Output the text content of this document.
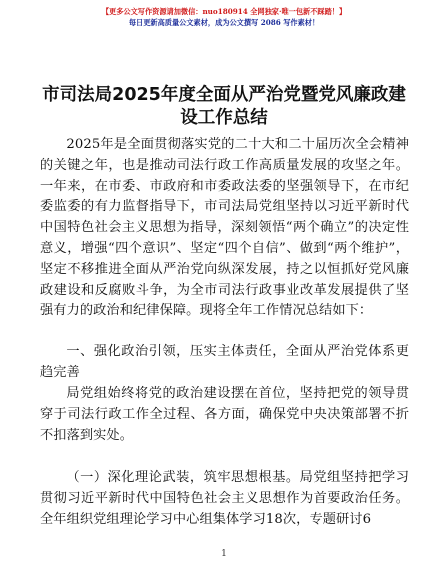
【更多公文写作资源请加微信：nuo180914 全网独家·唯一包新不踩踏！】
每日更新高质量公文素材，成为公文撰写 2086 写作素材！
市司法局2025年度全面从严治党暨党风廉政建设工作总结

2025年是全面贯彻落实党的二十大和二十届历次全会精神的关键之年，也是推动司法行政工作高质量发展的攻坚之年。一年来，在市委、市政府和市委政法委的坚强领导下，在市纪委监委的有力监督指导下，市司法局党组坚持以习近平新时代中国特色社会主义思想为指导，深刻领悟“两个确立”的决定性意义，增强“四个意识”、坚定“四个自信”、做到“两个维护”，坚定不移推进全面从严治党向纵深发展，持之以恒抓好党风廉政建设和反腐败斗争，为全市司法行政事业改革发展提供了坚强有力的政治和纪律保障。现将全年工作情况总结如下：

一、强化政治引领，压实主体责任，全面从严治党体系更趋完善

局党组始终将党的政治建设摆在首位，坚持把党的领导贯穿于司法行政工作全过程、各方面，确保党中央决策部署不折不扣落到实处。

（一）深化理论武装，筑牢思想根基。局党组坚持把学习贯彻习近平新时代中国特色社会主义思想作为首要政治任务。全年组织党组理论学习中心组集体学习18次，专题研讨6

1
